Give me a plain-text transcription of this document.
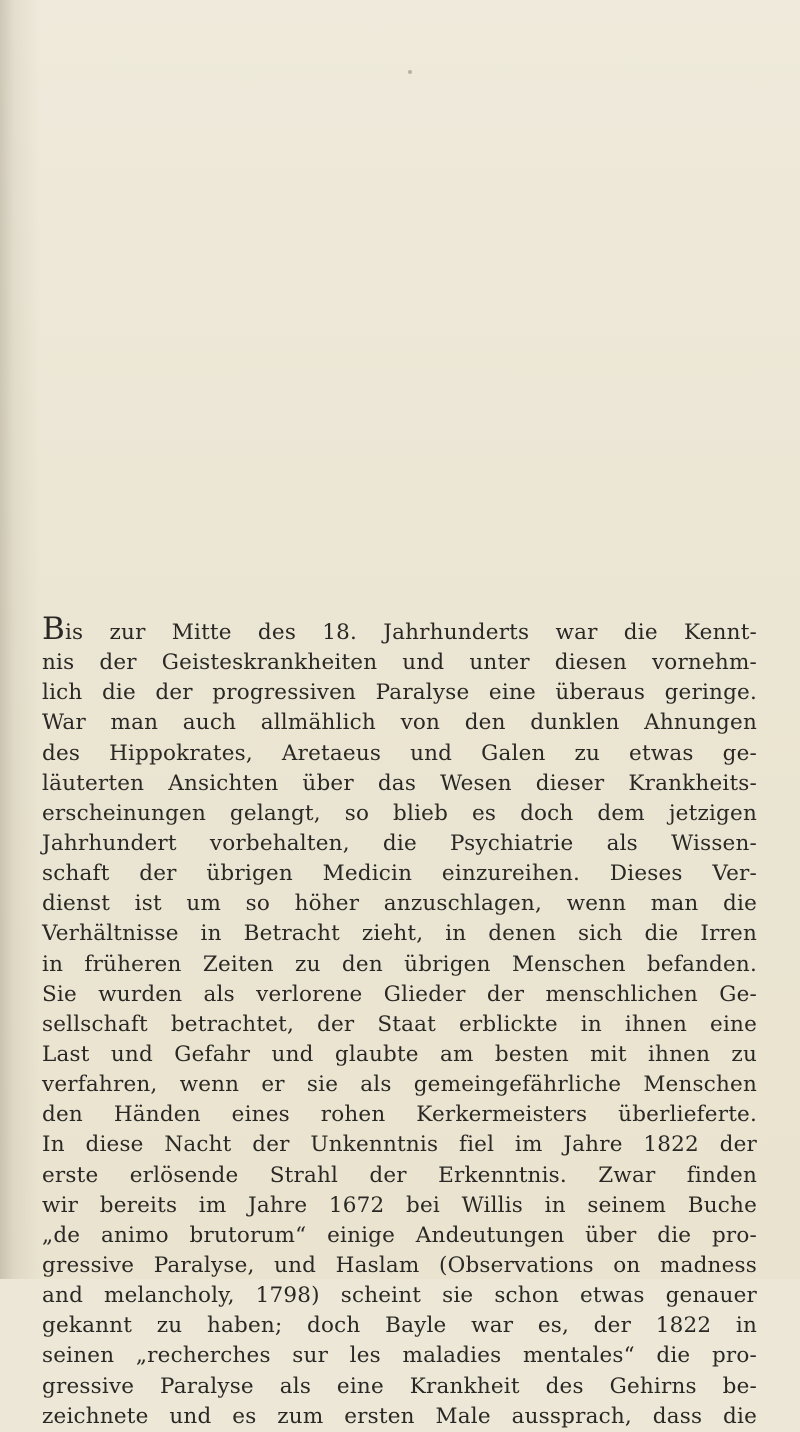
Bis zur Mitte des 18. Jahrhunderts war die Kennt-
nis der Geisteskrankheiten und unter diesen vornehm-
lich die der progressiven Paralyse eine überaus geringe.
War man auch allmählich von den dunklen Ahnungen
des Hippokrates, Aretaeus und Galen zu etwas ge-
läuterten Ansichten über das Wesen dieser Krankheits-
erscheinungen gelangt, so blieb es doch dem jetzigen
Jahrhundert vorbehalten, die Psychiatrie als Wissen-
schaft der übrigen Medicin einzureihen. Dieses Ver-
dienst ist um so höher anzuschlagen, wenn man die
Verhältnisse in Betracht zieht, in denen sich die Irren
in früheren Zeiten zu den übrigen Menschen befanden.
Sie wurden als verlorene Glieder der menschlichen Ge-
sellschaft betrachtet, der Staat erblickte in ihnen eine
Last und Gefahr und glaubte am besten mit ihnen zu
verfahren, wenn er sie als gemeingefährliche Menschen
den Händen eines rohen Kerkermeisters überlieferte.
In diese Nacht der Unkenntnis fiel im Jahre 1822 der
erste erlösende Strahl der Erkenntnis. Zwar finden
wir bereits im Jahre 1672 bei Willis in seinem Buche
„de animo brutorum“ einige Andeutungen über die pro-
gressive Paralyse, und Haslam (Observations on madness
and melancholy, 1798) scheint sie schon etwas genauer
gekannt zu haben; doch Bayle war es, der 1822 in
seinen „recherches sur les maladies mentales“ die pro-
gressive Paralyse als eine Krankheit des Gehirns be-
zeichnete und es zum ersten Male aussprach, dass die
